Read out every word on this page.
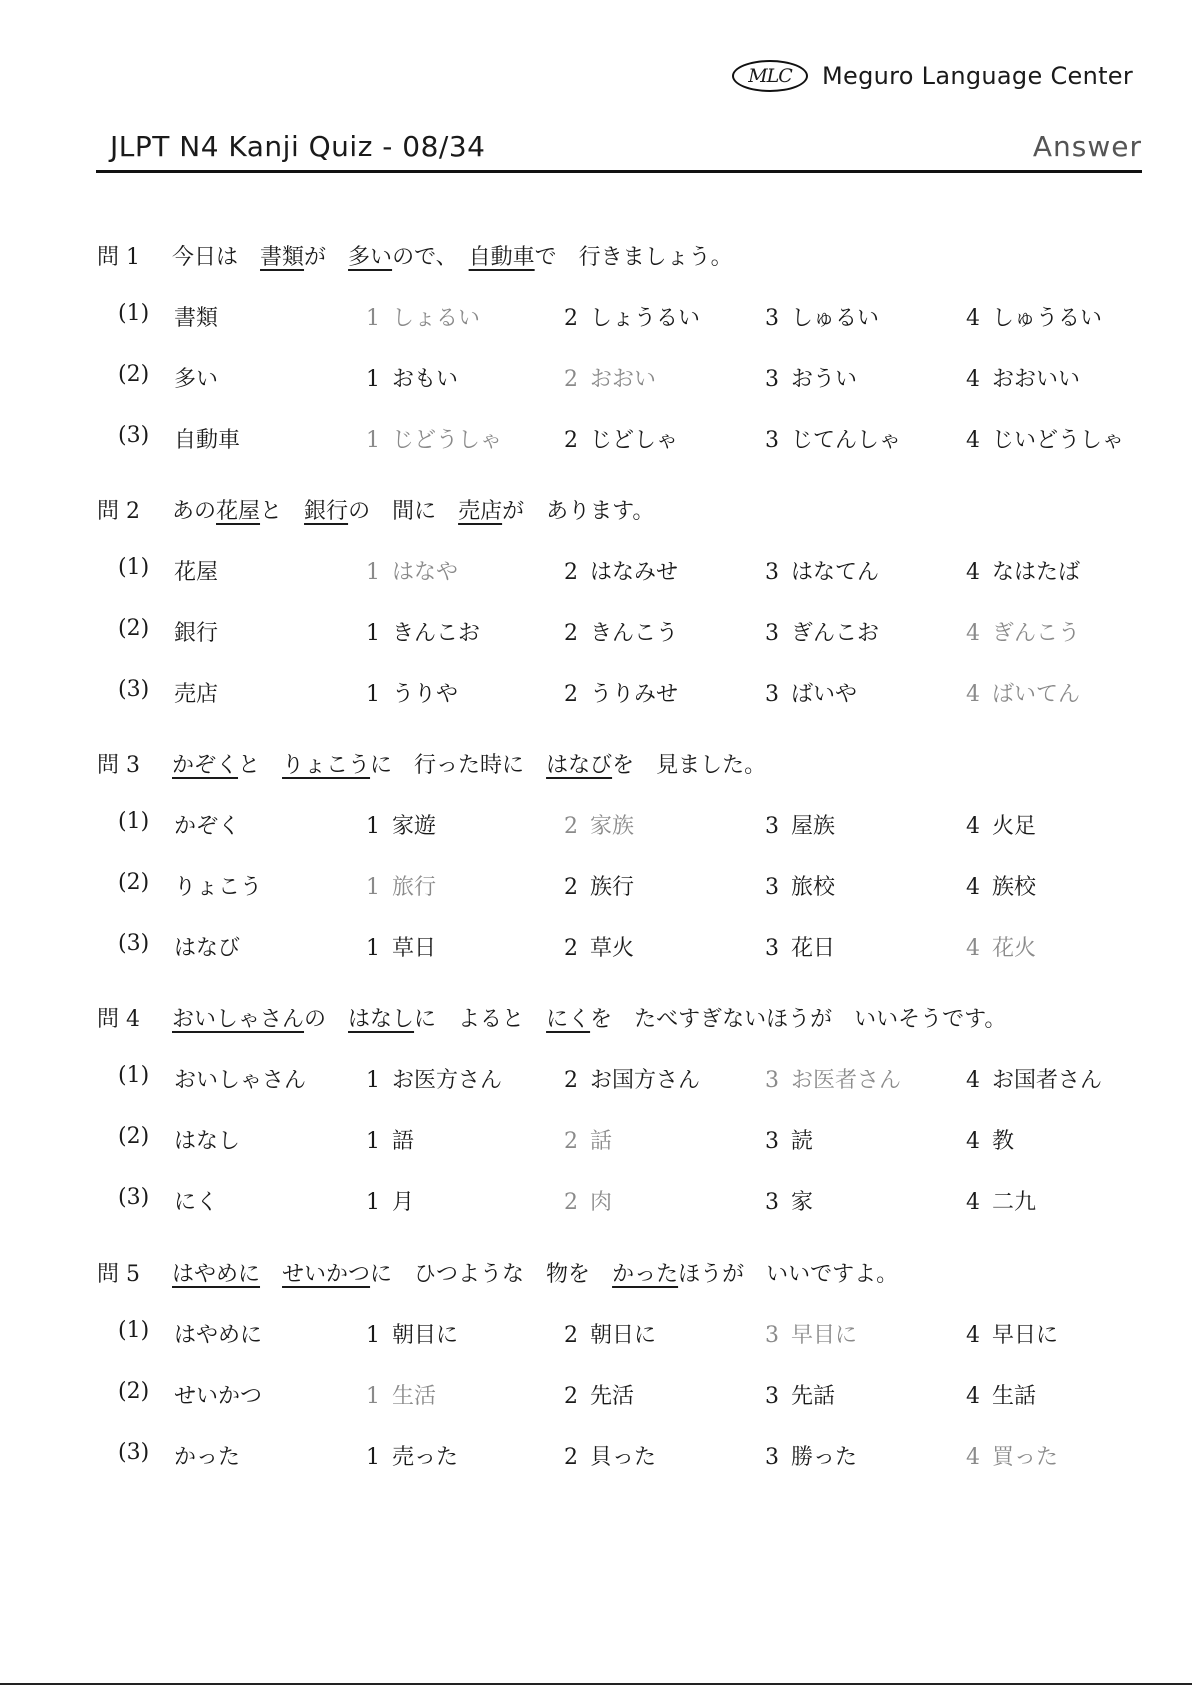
MLC	Meguro Language Center
JLPT N4 Kanji Quiz - 08/34	Answer
問 1 今日は　書類が　多いので、　自動車で　行きましょう。
(1) 書類	1 しょるい	2 しょうるい	3 しゅるい	4 しゅうるい
(2) 多い	1 おもい	2 おおい	3 おうい	4 おおいい
(3) 自動車	1 じどうしゃ	2 じどしゃ	3 じてんしゃ	4 じいどうしゃ
問 2 あの花屋と　銀行の　間に　売店が　あります。
(1) 花屋	1 はなや	2 はなみせ	3 はなてん	4 なはたば
(2) 銀行	1 きんこお	2 きんこう	3 ぎんこお	4 ぎんこう
(3) 売店	1 うりや	2 うりみせ	3 ばいや	4 ばいてん
問 3 かぞくと　りょこうに　行った時に　はなびを　見ました。
(1) かぞく	1 家遊	2 家族	3 屋族	4 火足
(2) りょこう	1 旅行	2 族行	3 旅校	4 族校
(3) はなび	1 草日	2 草火	3 花日	4 花火
問 4 おいしゃさんの　はなしに　よると　にくを　たべすぎないほうが　いいそうです。
(1) おいしゃさん	1 お医方さん	2 お国方さん	3 お医者さん	4 お国者さん
(2) はなし	1 語	2 話	3 読	4 教
(3) にく	1 月	2 肉	3 家	4 二九
問 5 はやめに　 せいかつに　ひつような　物を　かったほうが　いいですよ。
(1) はやめに	1 朝目に	2 朝日に	3 早目に	4 早日に
(2) せいかつ	1 生活	2 先活	3 先話	4 生話
(3) かった	1 売った	2 貝った	3 勝った	4 買った
